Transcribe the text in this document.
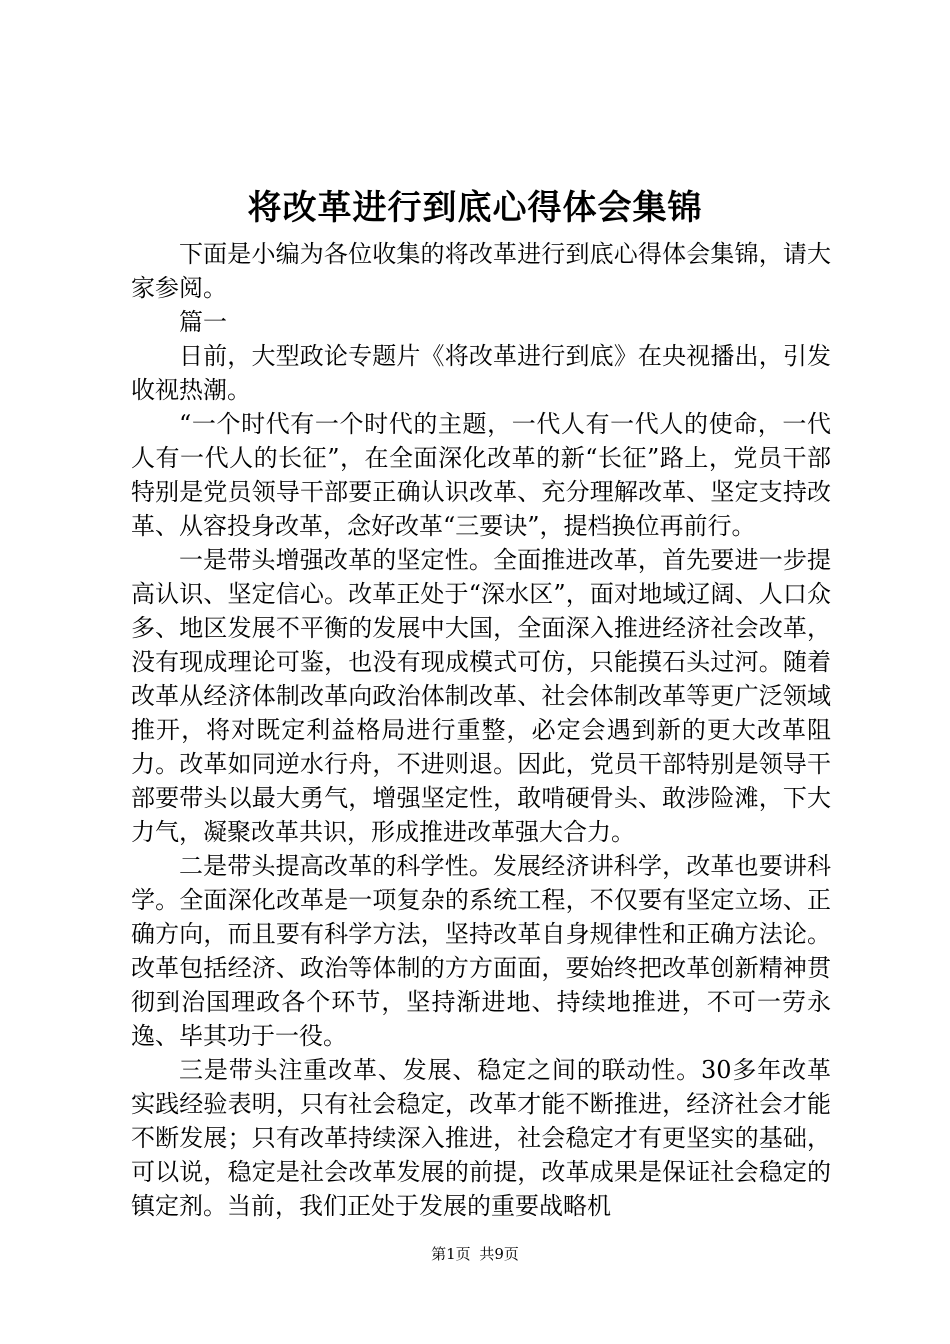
将改革进行到底心得体会集锦

下面是小编为各位收集的将改革进行到底心得体会集锦，请大家参阅。

篇一

日前，大型政论专题片《将改革进行到底》在央视播出，引发收视热潮。

“一个时代有一个时代的主题，一代人有一代人的使命，一代人有一代人的长征”，在全面深化改革的新“长征”路上，党员干部特别是党员领导干部要正确认识改革、充分理解改革、坚定支持改革、从容投身改革，念好改革“三要诀”，提档换位再前行。

一是带头增强改革的坚定性。全面推进改革，首先要进一步提高认识、坚定信心。改革正处于“深水区”，面对地域辽阔、人口众多、地区发展不平衡的发展中大国，全面深入推进经济社会改革，没有现成理论可鉴，也没有现成模式可仿，只能摸石头过河。随着改革从经济体制改革向政治体制改革、社会体制改革等更广泛领域推开，将对既定利益格局进行重整，必定会遇到新的更大改革阻力。改革如同逆水行舟，不进则退。因此，党员干部特别是领导干部要带头以最大勇气，增强坚定性，敢啃硬骨头、敢涉险滩，下大力气，凝聚改革共识，形成推进改革强大合力。

二是带头提高改革的科学性。发展经济讲科学，改革也要讲科学。全面深化改革是一项复杂的系统工程，不仅要有坚定立场、正确方向，而且要有科学方法，坚持改革自身规律性和正确方法论。改革包括经济、政治等体制的方方面面，要始终把改革创新精神贯彻到治国理政各个环节，坚持渐进地、持续地推进，不可一劳永逸、毕其功于一役。

三是带头注重改革、发展、稳定之间的联动性。30多年改革实践经验表明，只有社会稳定，改革才能不断推进，经济社会才能不断发展；只有改革持续深入推进，社会稳定才有更坚实的基础，可以说，稳定是社会改革发展的前提，改革成果是保证社会稳定的镇定剂。当前，我们正处于发展的重要战略机

第1页 共9页
